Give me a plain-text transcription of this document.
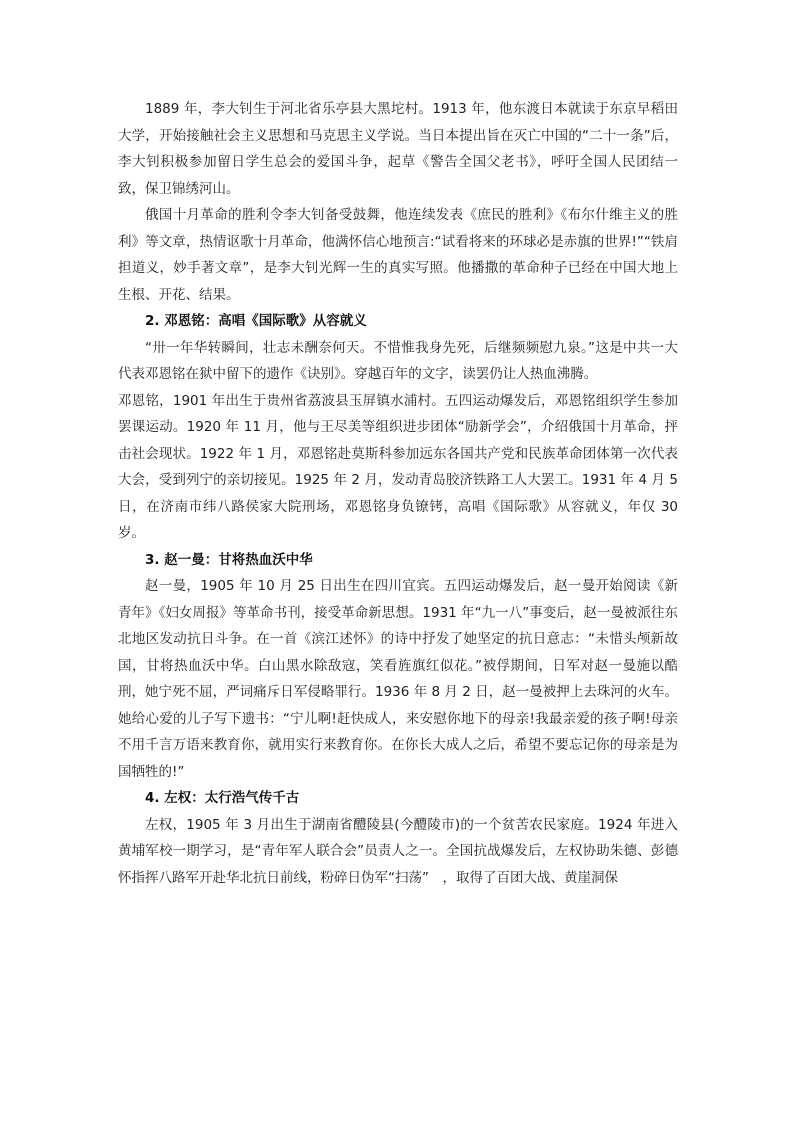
1889 年，李大钊生于河北省乐亭县大黑坨村。1913 年，他东渡日本就读于东京早稻田大学，开始接触社会主义思想和马克思主义学说。当日本提出旨在灭亡中国的“二十一条”后，李大钊积极参加留日学生总会的爱国斗争，起草《警告全国父老书》，呼吁全国人民团结一致，保卫锦绣河山。

俄国十月革命的胜利令李大钊备受鼓舞，他连续发表《庶民的胜利》《布尔什维主义的胜利》等文章，热情讴歌十月革命，他满怀信心地预言:“试看将来的环球必是赤旗的世界!”“铁肩担道义，妙手著文章”，是李大钊光辉一生的真实写照。他播撒的革命种子已经在中国大地上生根、开花、结果。

2. 邓恩铭：高唱《国际歌》从容就义

“卅一年华转瞬间，壮志未酬奈何天。不惜惟我身先死，后继频频慰九泉。”这是中共一大代表邓恩铭在狱中留下的遗作《诀别》。穿越百年的文字，读罢仍让人热血沸腾。

邓恩铭，1901 年出生于贵州省荔波县玉屏镇水浦村。五四运动爆发后，邓恩铭组织学生参加罢课运动。1920 年 11 月，他与王尽美等组织进步团体“励新学会”，介绍俄国十月革命，抨击社会现状。1922 年 1 月，邓恩铭赴莫斯科参加远东各国共产党和民族革命团体第一次代表大会，受到列宁的亲切接见。1925 年 2 月，发动青岛胶济铁路工人大罢工。1931 年 4 月 5 日，在济南市纬八路侯家大院刑场，邓恩铭身负镣铐，高唱《国际歌》从容就义，年仅 30 岁。

3. 赵一曼：甘将热血沃中华

赵一曼，1905 年 10 月 25 日出生在四川宜宾。五四运动爆发后，赵一曼开始阅读《新青年》《妇女周报》等革命书刊，接受革命新思想。1931 年“九一八”事变后，赵一曼被派往东北地区发动抗日斗争。在一首《滨江述怀》的诗中抒发了她坚定的抗日意志：“未惜头颅新故国，甘将热血沃中华。白山黑水除敌寇，笑看旌旗红似花。”被俘期间，日军对赵一曼施以酷刑，她宁死不屈，严词痛斥日军侵略罪行。1936 年 8 月 2 日，赵一曼被押上去珠河的火车。她给心爱的儿子写下遗书：“宁儿啊!赶快成人，来安慰你地下的母亲!我最亲爱的孩子啊!母亲不用千言万语来教育你，就用实行来教育你。在你长大成人之后，希望不要忘记你的母亲是为国牺牲的!”

4. 左权：太行浩气传千古

左权，1905 年 3 月出生于湖南省醴陵县(今醴陵市)的一个贫苦农民家庭。1924 年进入黄埔军校一期学习，是“青年军人联合会”员责人之一。全国抗战爆发后，左权协助朱德、彭德怀指挥八路军开赴华北抗日前线，粉碎日伪军“扫荡”　，取得了百团大战、黄崖洞保
